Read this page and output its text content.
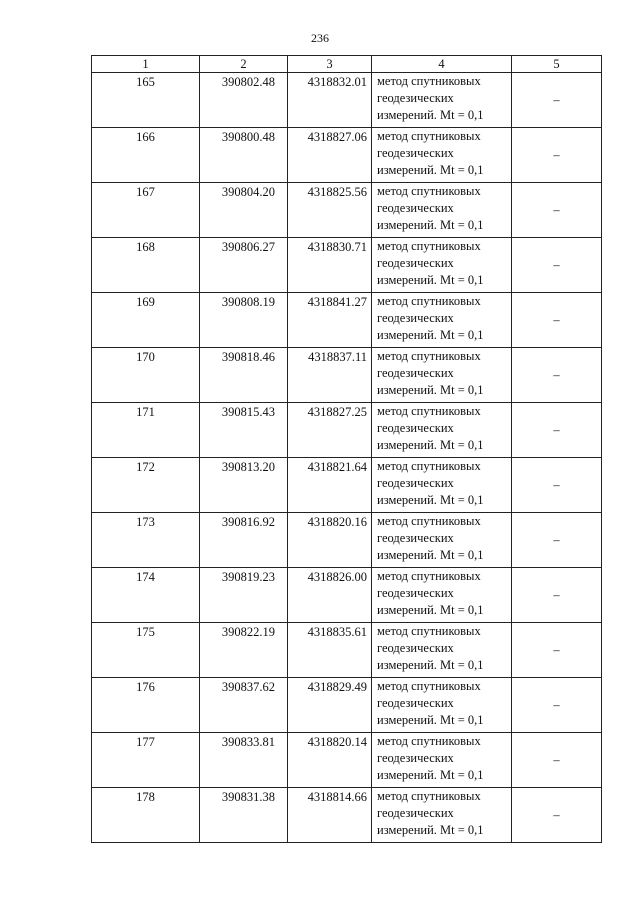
236
1	2	3	4	5
165	390802.48	4318832.01	метод спутниковых
геодезических
измерений. Mt = 0,1	–
166	390800.48	4318827.06	метод спутниковых
геодезических
измерений. Mt = 0,1	–
167	390804.20	4318825.56	метод спутниковых
геодезических
измерений. Mt = 0,1	–
168	390806.27	4318830.71	метод спутниковых
геодезических
измерений. Mt = 0,1	–
169	390808.19	4318841.27	метод спутниковых
геодезических
измерений. Mt = 0,1	–
170	390818.46	4318837.11	метод спутниковых
геодезических
измерений. Mt = 0,1	–
171	390815.43	4318827.25	метод спутниковых
геодезических
измерений. Mt = 0,1	–
172	390813.20	4318821.64	метод спутниковых
геодезических
измерений. Mt = 0,1	–
173	390816.92	4318820.16	метод спутниковых
геодезических
измерений. Mt = 0,1	–
174	390819.23	4318826.00	метод спутниковых
геодезических
измерений. Mt = 0,1	–
175	390822.19	4318835.61	метод спутниковых
геодезических
измерений. Mt = 0,1	–
176	390837.62	4318829.49	метод спутниковых
геодезических
измерений. Mt = 0,1	–
177	390833.81	4318820.14	метод спутниковых
геодезических
измерений. Mt = 0,1	–
178	390831.38	4318814.66	метод спутниковых
геодезических
измерений. Mt = 0,1	–
